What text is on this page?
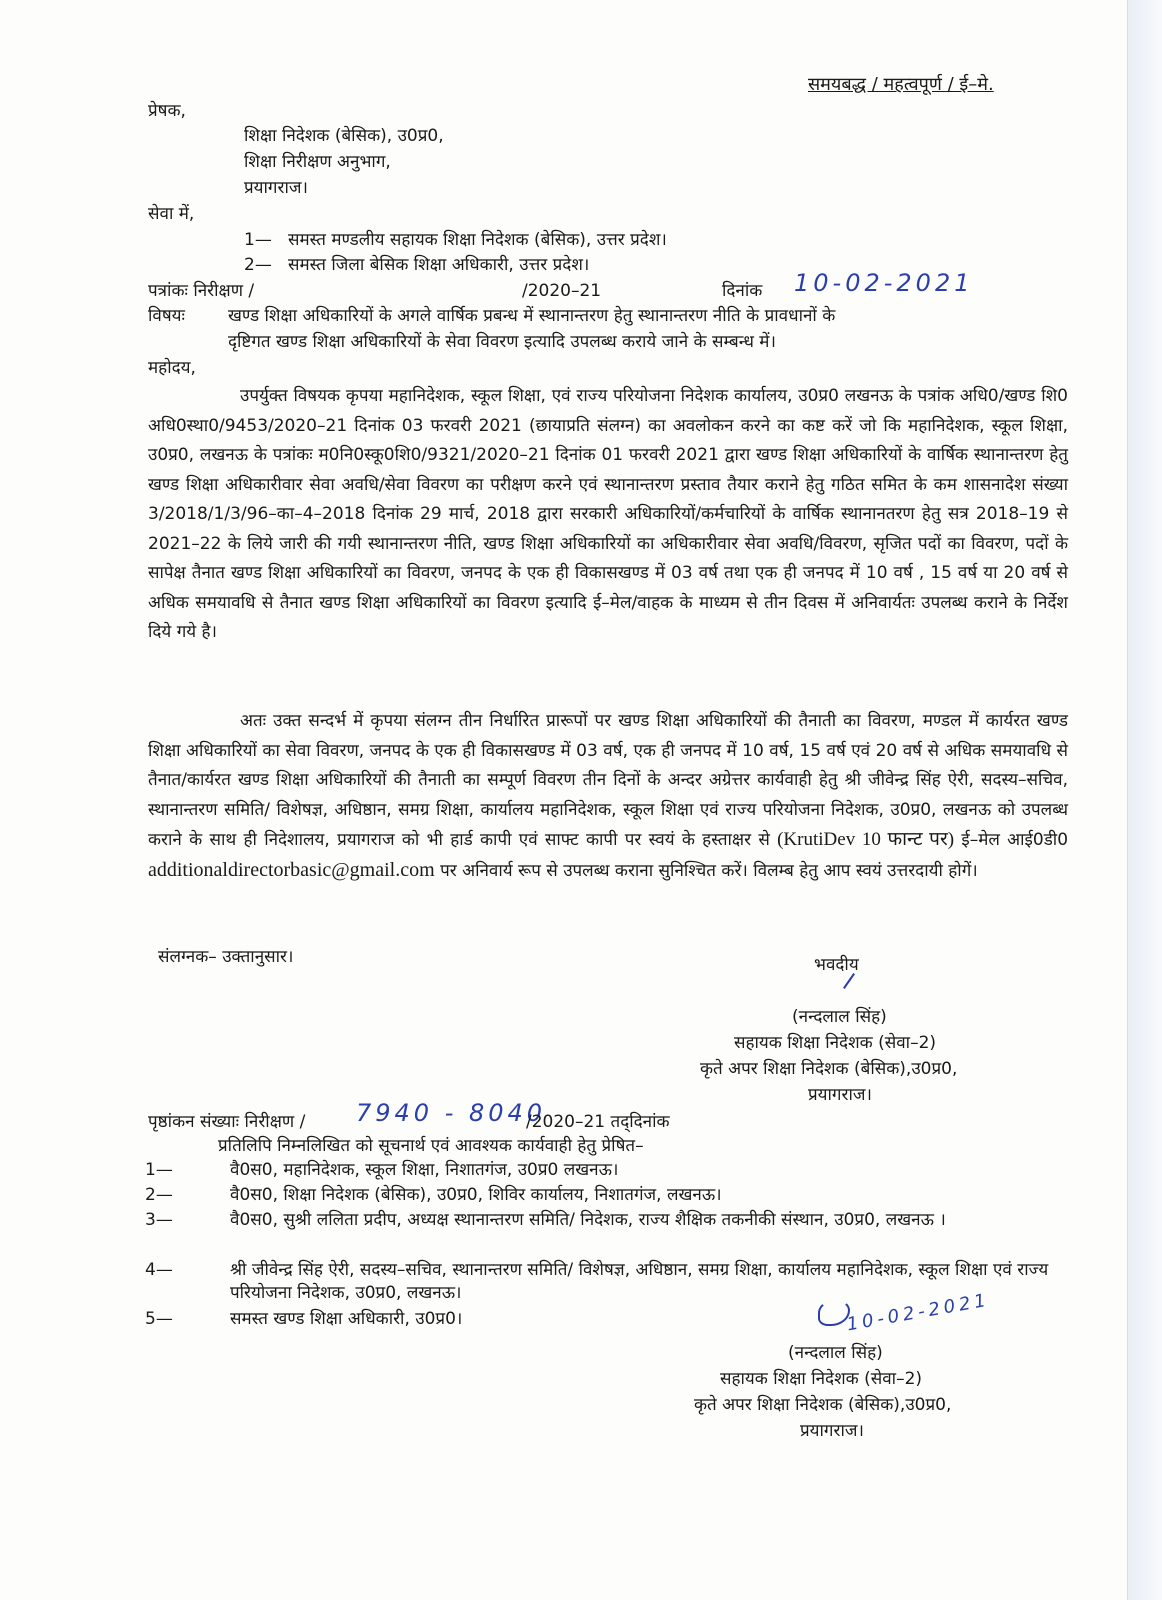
समयबद्ध / महत्वपूर्ण / ई–मे.
प्रेषक,
शिक्षा निदेशक (बेसिक), उ0प्र0,
शिक्षा निरीक्षण अनुभाग,
प्रयागराज।
सेवा में,
1— समस्त मण्डलीय सहायक शिक्षा निदेशक (बेसिक), उत्तर प्रदेश।
2— समस्त जिला बेसिक शिक्षा अधिकारी, उत्तर प्रदेश।
पत्रांकः निरीक्षण /	/2020–21	दिनांक 10-02-2021
विषयः	खण्ड शिक्षा अधिकारियों के अगले वार्षिक प्रबन्ध में स्थानान्तरण हेतु स्थानान्तरण नीति के प्रावधानों के
दृष्टिगत खण्ड शिक्षा अधिकारियों के सेवा विवरण इत्यादि उपलब्ध कराये जाने के सम्बन्ध में।
महोदय,
उपर्युक्त विषयक कृपया महानिदेशक, स्कूल शिक्षा, एवं राज्य परियोजना निदेशक कार्यालय, उ0प्र0 लखनऊ के पत्रांक अधि0/खण्ड शि0 अधि0स्था0/9453/2020–21 दिनांक 03 फरवरी 2021 (छायाप्रति संलग्न) का अवलोकन करने का कष्ट करें जो कि महानिदेशक, स्कूल शिक्षा, उ0प्र0, लखनऊ के पत्रांकः म0नि0स्कू0शि0/9321/2020–21 दिनांक 01 फरवरी 2021 द्वारा खण्ड शिक्षा अधिकारियों के वार्षिक स्थानान्तरण हेतु खण्ड शिक्षा अधिकारीवार सेवा अवधि/सेवा विवरण का परीक्षण करने एवं स्थानान्तरण प्रस्ताव तैयार कराने हेतु गठित समित के कम शासनादेश संख्या 3/2018/1/3/96–का–4–2018 दिनांक 29 मार्च, 2018 द्वारा सरकारी अधिकारियों/कर्मचारियों के वार्षिक स्थानानतरण हेतु सत्र 2018–19 से 2021–22 के लिये जारी की गयी स्थानान्तरण नीति, खण्ड शिक्षा अधिकारियों का अधिकारीवार सेवा अवधि/विवरण, सृजित पदों का विवरण, पदों के सापेक्ष तैनात खण्ड शिक्षा अधिकारियों का विवरण, जनपद के एक ही विकासखण्ड में 03 वर्ष तथा एक ही जनपद में 10 वर्ष , 15 वर्ष या 20 वर्ष से अधिक समयावधि से तैनात खण्ड शिक्षा अधिकारियों का विवरण इत्यादि ई–मेल/वाहक के माध्यम से तीन दिवस में अनिवार्यतः उपलब्ध कराने के निर्देश दिये गये है।
अतः उक्त सन्दर्भ में कृपया संलग्न तीन निर्धारित प्रारूपों पर खण्ड शिक्षा अधिकारियों की तैनाती का विवरण, मण्डल में कार्यरत खण्ड शिक्षा अधिकारियों का सेवा विवरण, जनपद के एक ही विकासखण्ड में 03 वर्ष, एक ही जनपद में 10 वर्ष, 15 वर्ष एवं 20 वर्ष से अधिक समयावधि से तैनात/कार्यरत खण्ड शिक्षा अधिकारियों की तैनाती का सम्पूर्ण विवरण तीन दिनों के अन्दर अग्रेत्तर कार्यवाही हेतु श्री जीवेन्द्र सिंह ऐरी, सदस्य–सचिव, स्थानान्तरण समिति/ विशेषज्ञ, अधिष्ठान, समग्र शिक्षा, कार्यालय महानिदेशक, स्कूल शिक्षा एवं राज्य परियोजना निदेशक, उ0प्र0, लखनऊ को उपलब्ध कराने के साथ ही निदेशालय, प्रयागराज को भी हार्ड कापी एवं साफ्ट कापी पर स्वयं के हस्ताक्षर से (KrutiDev 10 फान्ट पर) ई–मेल आई0डी0 additionaldirectorbasic@gmail.com पर अनिवार्य रूप से उपलब्ध कराना सुनिश्चित करें। विलम्ब हेतु आप स्वयं उत्तरदायी होगें।
संलग्नक– उक्तानुसार।	भवदीय
(नन्दलाल सिंह)
सहायक शिक्षा निदेशक (सेवा–2)
कृते अपर शिक्षा निदेशक (बेसिक),उ0प्र0,
प्रयागराज।
पृष्ठांकन संख्याः निरीक्षण / 7940 - 8040
/2020–21 तद्‌दिनांक
प्रतिलिपि निम्नलिखित को सूचनार्थ एवं आवश्यक कार्यवाही हेतु प्रेषित–
1—	वै0स0, महानिदेशक, स्कूल शिक्षा, निशातगंज, उ0प्र0 लखनऊ।
2—	वै0स0, शिक्षा निदेशक (बेसिक), उ0प्र0, शिविर कार्यालय, निशातगंज, लखनऊ।
3—	वै0स0, सुश्री ललिता प्रदीप, अध्यक्ष स्थानान्तरण समिति/ निदेशक, राज्य शैक्षिक तकनीकी संस्थान, उ0प्र0, लखनऊ ।
4—	श्री जीवेन्द्र सिंह ऐरी, सदस्य–सचिव, स्थानान्तरण समिति/ विशेषज्ञ, अधिष्ठान, समग्र शिक्षा, कार्यालय महानिदेशक, स्कूल शिक्षा एवं राज्य परियोजना निदेशक, उ0प्र0, लखनऊ।
5—	समस्त खण्ड शिक्षा अधिकारी, उ0प्र0।	10-02-2021
(नन्दलाल सिंह)
सहायक शिक्षा निदेशक (सेवा–2)
कृते अपर शिक्षा निदेशक (बेसिक),उ0प्र0,
प्रयागराज।
